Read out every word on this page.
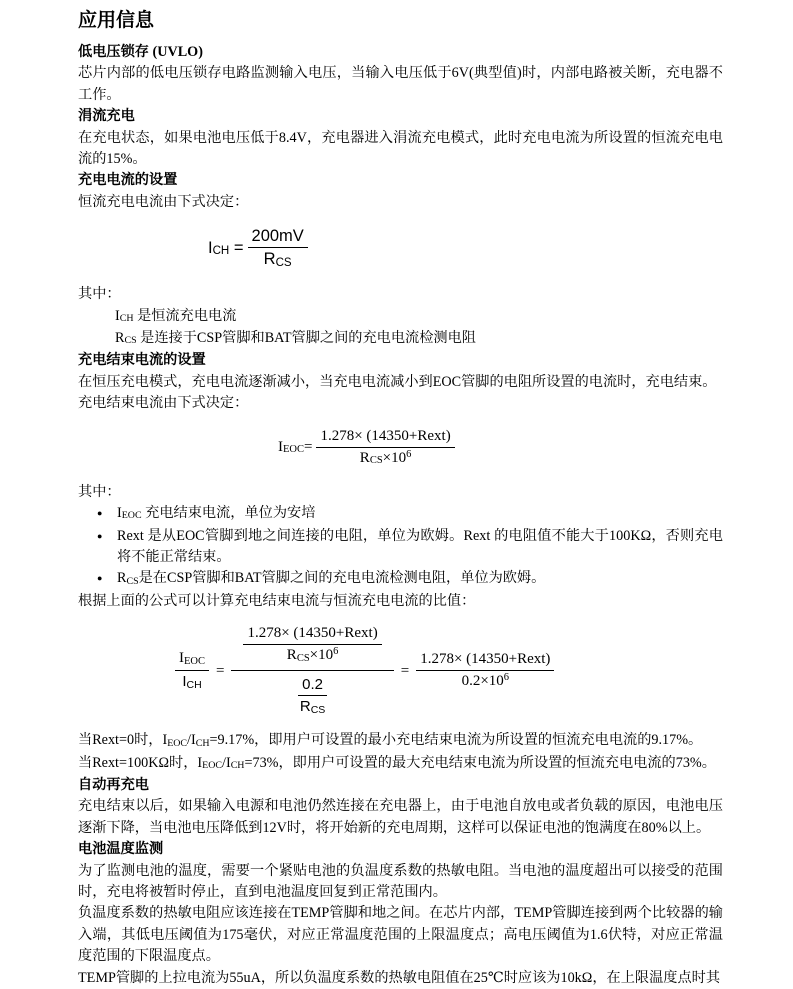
应用信息

低电压锁存 (UVLO)

芯片内部的低电压锁存电路监测输入电压，当输入电压低于6V(典型值)时，内部电路被关断，充电器不工作。

涓流充电

在充电状态，如果电池电压低于8.4V，充电器进入涓流充电模式，此时充电电流为所设置的恒流充电电流的15%。

充电电流的设置

恒流充电电流由下式决定：

$I_{CH} = \frac{200mV}{R_{CS}}$

其中：

$I_{CH}$ 是恒流充电电流

$R_{CS}$ 是连接于CSP管脚和BAT管脚之间的充电电流检测电阻

充电结束电流的设置

在恒压充电模式，充电电流逐渐减小，当充电电流减小到EOC管脚的电阻所设置的电流时，充电结束。

充电结束电流由下式决定：

$I_{EOC}= \frac{\text{1.278× (14350+Rext)}}{R_{CS}\times 10^6}$

其中：

●	$I_{EOC}$ 充电结束电流，单位为安培
●	Rext 是从EOC管脚到地之间连接的电阻，单位为欧姆。Rext 的电阻值不能大于100KΩ，否则充电将不能正常结束。
●	$R_{CS}$是在CSP管脚和BAT管脚之间的充电电流检测电阻，单位为欧姆。

根据上面的公式可以计算充电结束电流与恒流充电电流的比值：

$\frac{I_{EOC}}{I_{CH}} = \frac{\frac{\text{1.278× (14350+Rext)}}{R_{CS}\times 10^6}}{\frac{0.2}{R_{CS}}} = \frac{\text{1.278× (14350+Rext)}}{0.2\times 10^6}$

当Rext=0时，$I_{EOC}/I_{CH}=9.17\%$，即用户可设置的最小充电结束电流为所设置的恒流充电电流的9.17%。

当Rext=100KΩ时，$I_{EOC}/I_{CH}=73\%$，即用户可设置的最大充电结束电流为所设置的恒流充电电流的73%。

自动再充电

充电结束以后，如果输入电源和电池仍然连接在充电器上，由于电池自放电或者负载的原因，电池电压逐渐下降，当电池电压降低到12V时，将开始新的充电周期，这样可以保证电池的饱满度在80%以上。

电池温度监测

为了监测电池的温度，需要一个紧贴电池的负温度系数的热敏电阻。当电池的温度超出可以接受的范围时，充电将被暂时停止，直到电池温度回复到正常范围内。

负温度系数的热敏电阻应该连接在TEMP管脚和地之间。在芯片内部，TEMP管脚连接到两个比较器的输入端，其低电压阈值为175毫伏，对应正常温度范围的上限温度点；高电压阈值为1.6伏特，对应正常温度范围的下限温度点。

TEMP管脚的上拉电流为55uA，所以负温度系数的热敏电阻值在25℃时应该为10kΩ，在上限温度点时其
